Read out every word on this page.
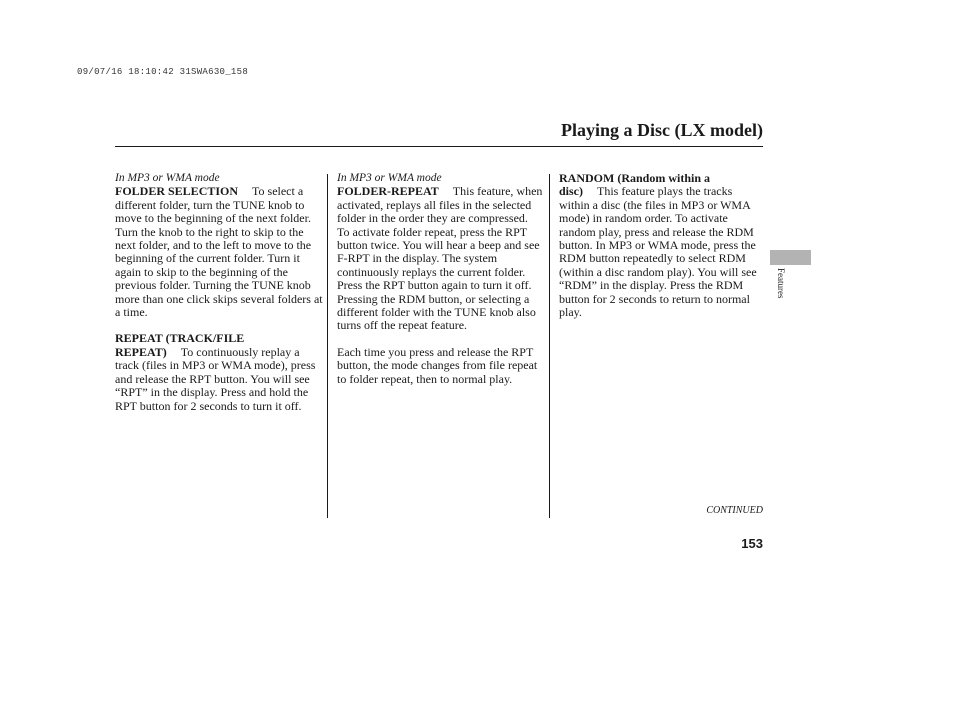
09/07/16 18:10:42 31SWA630_158
Playing a Disc (LX model)
In MP3 or WMA mode

FOLDER SELECTION To select a different folder, turn the TUNE knob to move to the beginning of the next folder. Turn the knob to the right to skip to the next folder, and to the left to move to the beginning of the current folder. Turn it again to skip to the beginning of the previous folder. Turning the TUNE knob more than one click skips several folders at a time.

REPEAT (TRACK/FILE REPEAT) To continuously replay a track (files in MP3 or WMA mode), press and release the RPT button. You will see “RPT” in the display. Press and hold the RPT button for 2 seconds to turn it off.

In MP3 or WMA mode

FOLDER-REPEAT This feature, when activated, replays all files in the selected folder in the order they are compressed. To activate folder repeat, press the RPT button twice. You will hear a beep and see F-RPT in the display. The system continuously replays the current folder. Press the RPT button again to turn it off. Pressing the RDM button, or selecting a different folder with the TUNE knob also turns off the repeat feature.

Each time you press and release the RPT button, the mode changes from file repeat to folder repeat, then to normal play.

RANDOM (Random within a disc) This feature plays the tracks within a disc (the files in MP3 or WMA mode) in random order. To activate random play, press and release the RDM button. In MP3 or WMA mode, press the RDM button repeatedly to select RDM (within a disc random play). You will see “RDM” in the display. Press the RDM button for 2 seconds to return to normal play.

Features
CONTINUED
153
